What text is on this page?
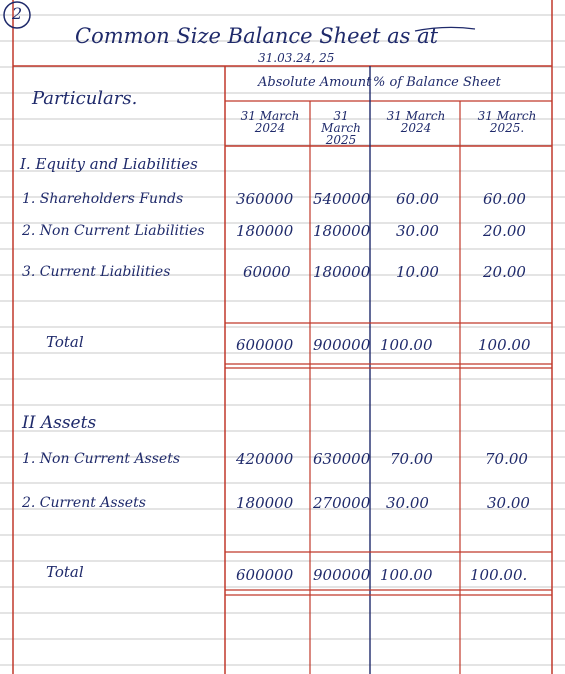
2
Common Size Balance Sheet as at
31.03.24, 25
Particulars.
Absolute Amount % of Balance Sheet
31 March 2024
31 March 2025
31 March 2024
31 March 2025.
I. Equity and Liabilities
1. Shareholders Funds	360000 540000 60.00	60.00
2. Non Current Liabilities 180000 180000 30.00	20.00
3. Current Liabilities	60000 180000 10.00	20.00
Total	600000 900000 100.00	100.00
II Assets
1. Non Current Assets	420000 630000 70.00	70.00
2. Current Assets	180000 270000 30.00	30.00
Total	600000 900000 100.00	100.00.
